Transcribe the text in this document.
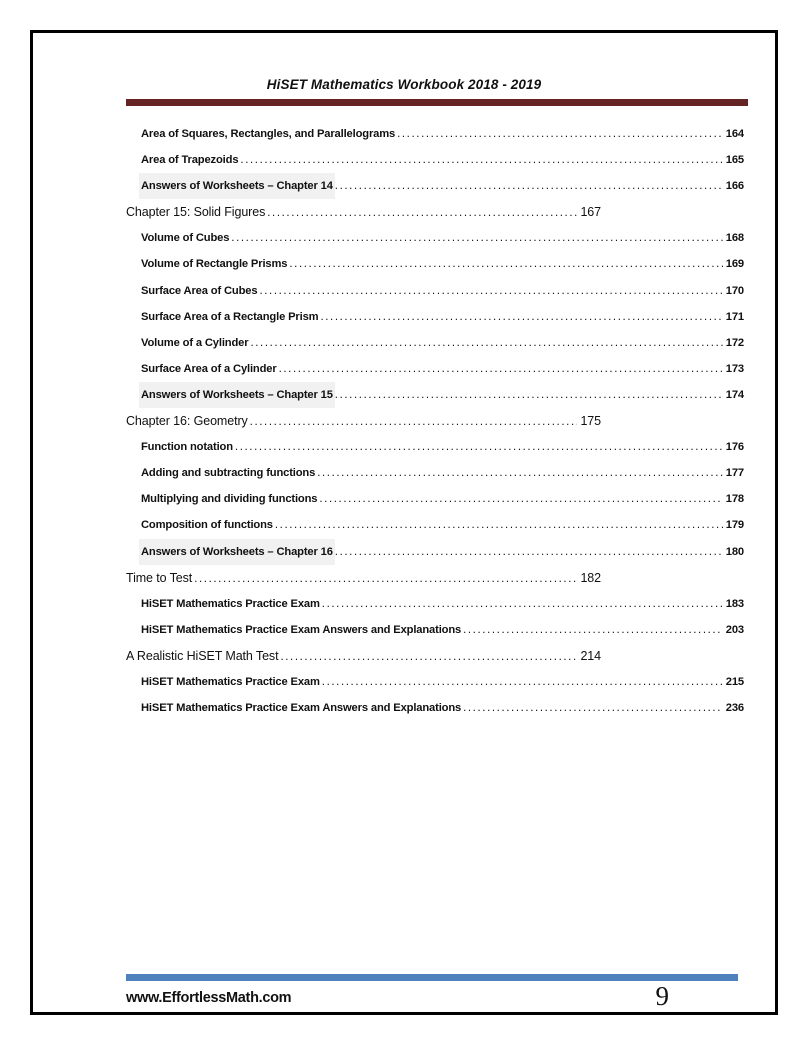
HiSET Mathematics Workbook 2018 - 2019
Area of Squares, Rectangles, and Parallelograms .....	164
Area of Trapezoids .....	165
Answers of Worksheets – Chapter 14 .....	166
Chapter 15: Solid Figures .....	167
Volume of Cubes .....	168
Volume of Rectangle Prisms .....	169
Surface Area of Cubes .....	170
Surface Area of a Rectangle Prism .....	171
Volume of a Cylinder .....	172
Surface Area of a Cylinder .....	173
Answers of Worksheets – Chapter 15 .....	174
Chapter 16: Geometry .....	175
Function notation .....	176
Adding and subtracting functions .....	177
Multiplying and dividing functions .....	178
Composition of functions .....	179
Answers of Worksheets – Chapter 16 .....	180
Time to Test .....	182
HiSET Mathematics Practice Exam .....	183
HiSET Mathematics Practice Exam Answers and Explanations .....	203
A Realistic HiSET Math Test .....	214
HiSET Mathematics Practice Exam .....	215
HiSET Mathematics Practice Exam Answers and Explanations .....	236
www.EffortlessMath.com	9
